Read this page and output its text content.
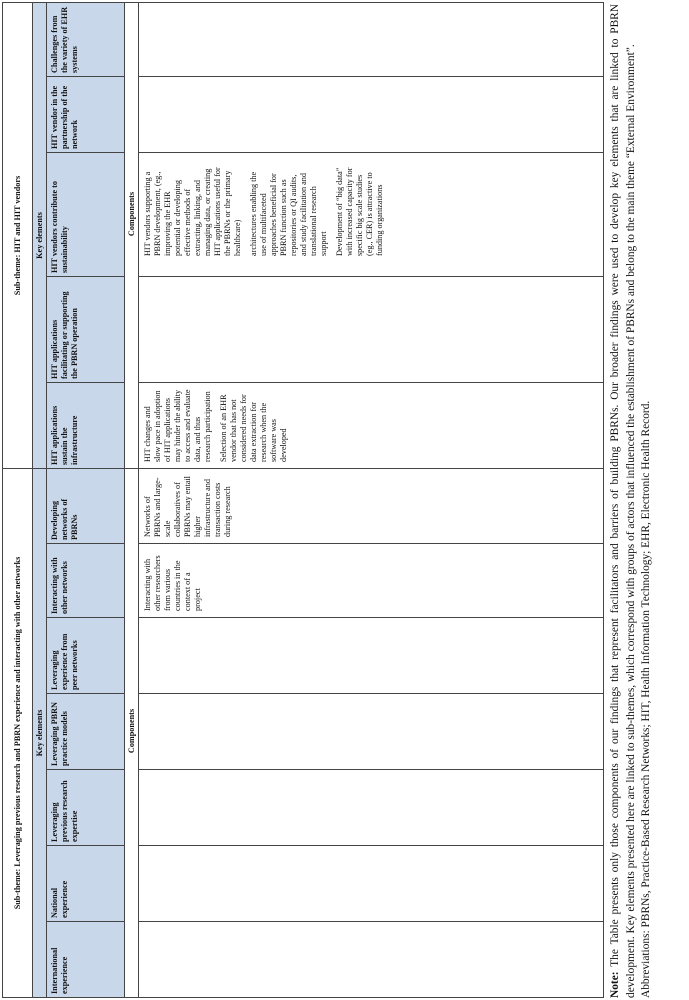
Sub-theme: Leveraging previous research and PBRN experience and interacting with other networks	Key elements
International experience
National experience
Leveraging previous research expertise
Leveraging PBRN practice models
Leveraging experience from peer networks
Interacting with other networks
Developing networks of PBRNs
Components

Interacting with other researchers from various countries in the context of a project

Networks of PBRNs and large-scale collaboratives of PBRNs may entail higher infrastructure and transaction costs during research

Sub-theme: HIT and HIT vendors	Key elements
HIT applications sustain the infrastructure
HIT applications facilitating or supporting the PBRN operation
HIT vendors contribute to sustainability
HIT vendor in the partnership of the network
Challenges from the variety of EHR systems
Components

HIT changes and slow pace in adoption of HIT applications may hinder the ability to access and evaluate data, and thus research participation Selection of an EHR vendor that has not considered needs for data extraction for research when the software was developed

HIT vendors supporting a PBRN development, (eg., improving the EHR potential or developing effective methods of extracting, linking, and managing data, or creating HIT applications useful for the PBRNs or the primary healthcare) architectures enabling the use of multifaceted approaches beneficial for PBRN function such as repositories or QI audits, and study facilitation and translational research support Development of “big data” with increased capacity for specific big scale studies (eg., CER) is attractive to funding organizations

Note: The Table presents only those components of our findings that represent facilitators and barriers of building PBRNs. Our broader findings were used to develop key elements that are linked to PBRN development. Key elements presented here are linked to sub-themes, which correspond with groups of actors that influenced the establishment of PBRNs and belong to the main theme “External Environment”. Abbreviations: PBRNs, Practice-Based Research Networks; HIT, Health Information Technology; EHR, Electronic Health Record.
